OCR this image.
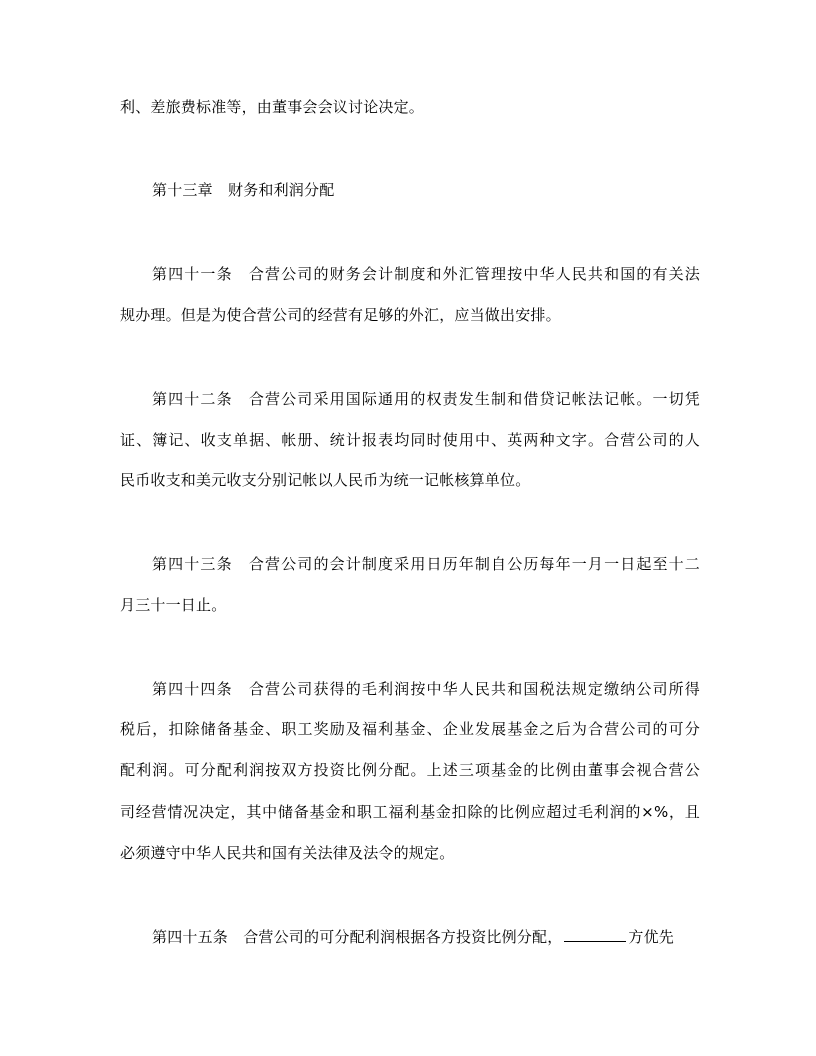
利、差旅费标准等，由董事会会议讨论决定。
第十三章　财务和利润分配
第四十一条　合营公司的财务会计制度和外汇管理按中华人民共和国的有关法
规办理。但是为使合营公司的经营有足够的外汇，应当做出安排。
第四十二条　合营公司采用国际通用的权责发生制和借贷记帐法记帐。一切凭
证、簿记、收支单据、帐册、统计报表均同时使用中、英两种文字。合营公司的人
民币收支和美元收支分别记帐以人民币为统一记帐核算单位。
第四十三条　合营公司的会计制度采用日历年制自公历每年一月一日起至十二
月三十一日止。
第四十四条　合营公司获得的毛利润按中华人民共和国税法规定缴纳公司所得
税后，扣除储备基金、职工奖励及福利基金、企业发展基金之后为合营公司的可分
配利润。可分配利润按双方投资比例分配。上述三项基金的比例由董事会视合营公
司经营情况决定，其中储备基金和职工福利基金扣除的比例应超过毛利润的×%，且
必须遵守中华人民共和国有关法律及法令的规定。
第四十五条　合营公司的可分配利润根据各方投资比例分配，	方优先
